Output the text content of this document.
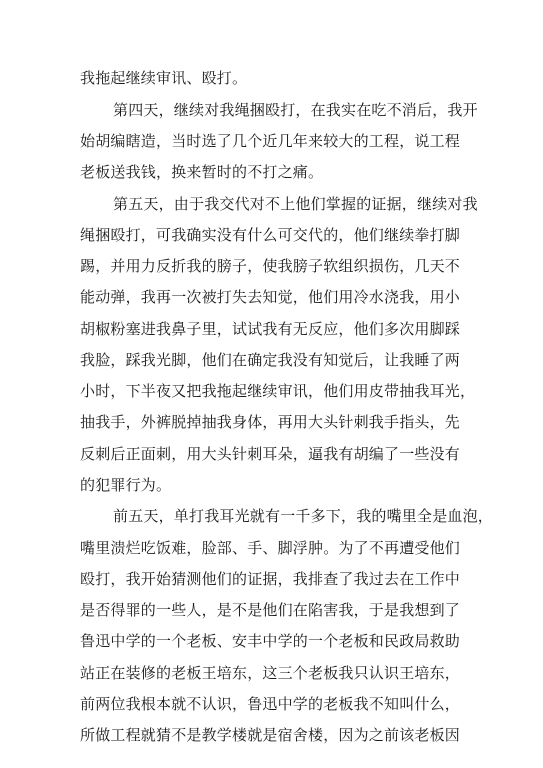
我拖起继续审讯、殴打。
第四天，继续对我绳捆殴打，在我实在吃不消后，我开
始胡编瞎造，当时选了几个近几年来较大的工程，说工程
老板送我钱，换来暂时的不打之痛。
第五天，由于我交代对不上他们掌握的证据，继续对我
绳捆殴打，可我确实没有什么可交代的，他们继续拳打脚
踢，并用力反折我的膀子，使我膀子软组织损伤，几天不
能动弹，我再一次被打失去知觉，他们用冷水浇我，用小
胡椒粉塞进我鼻子里，试试我有无反应，他们多次用脚踩
我脸，踩我光脚，他们在确定我没有知觉后，让我睡了两
小时，下半夜又把我拖起继续审讯，他们用皮带抽我耳光，
抽我手，外裤脱掉抽我身体，再用大头针刺我手指头，先
反刺后正面刺，用大头针刺耳朵，逼我有胡编了一些没有
的犯罪行为。
前五天，单打我耳光就有一千多下，我的嘴里全是血泡，
嘴里溃烂吃饭难，脸部、手、脚浮肿。为了不再遭受他们
殴打，我开始猜测他们的证据，我排查了我过去在工作中
是否得罪的一些人，是不是他们在陷害我，于是我想到了
鲁迅中学的一个老板、安丰中学的一个老板和民政局救助
站正在装修的老板王培东，这三个老板我只认识王培东，
前两位我根本就不认识，鲁迅中学的老板我不知叫什么，
所做工程就猜不是教学楼就是宿舍楼，因为之前该老板因
